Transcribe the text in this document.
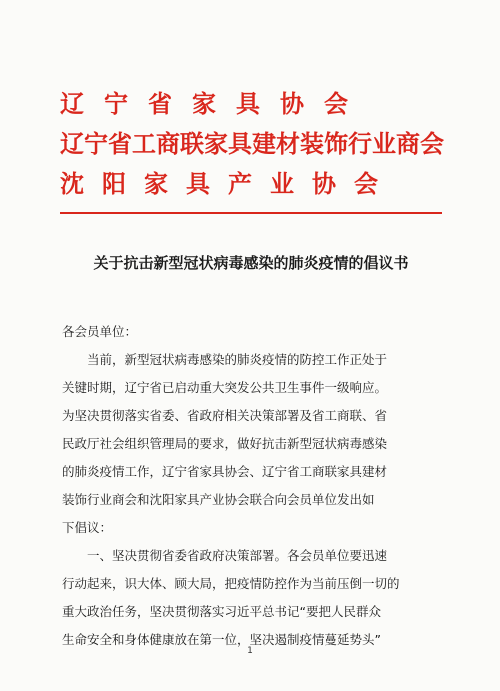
辽宁省家具协会
辽宁省工商联家具建材装饰行业商会
沈阳家具产业协会
关于抗击新型冠状病毒感染的肺炎疫情的倡议书
各会员单位：
当前，新型冠状病毒感染的肺炎疫情的防控工作正处于
关键时期，辽宁省已启动重大突发公共卫生事件一级响应。
为坚决贯彻落实省委、省政府相关决策部署及省工商联、省
民政厅社会组织管理局的要求，做好抗击新型冠状病毒感染
的肺炎疫情工作，辽宁省家具协会、辽宁省工商联家具建材
装饰行业商会和沈阳家具产业协会联合向会员单位发出如
下倡议：
一、坚决贯彻省委省政府决策部署。各会员单位要迅速
行动起来，识大体、顾大局，把疫情防控作为当前压倒一切的
重大政治任务，坚决贯彻落实习近平总书记“要把人民群众
生命安全和身体健康放在第一位，坚决遏制疫情蔓延势头”
1
